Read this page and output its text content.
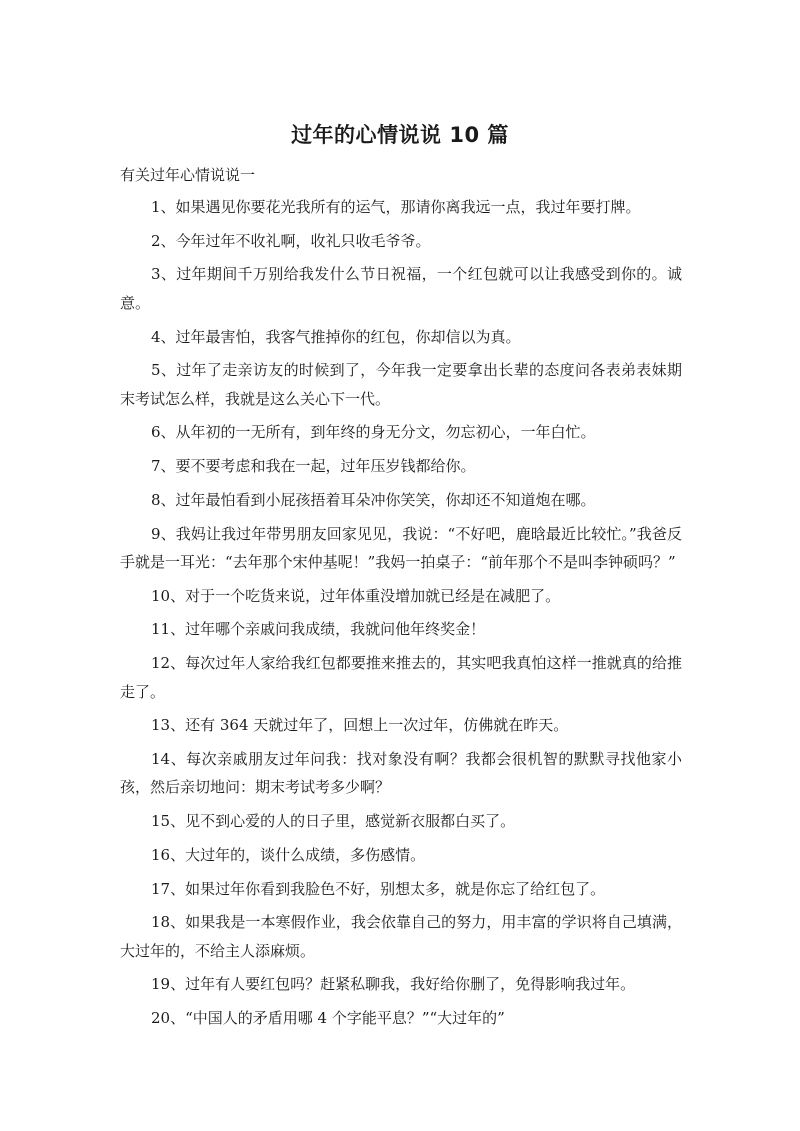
过年的心情说说 10 篇
有关过年心情说说一

1、如果遇见你要花光我所有的运气，那请你离我远一点，我过年要打牌。

2、今年过年不收礼啊，收礼只收毛爷爷。

3、过年期间千万别给我发什么节日祝福，一个红包就可以让我感受到你的。诚意。

4、过年最害怕，我客气推掉你的红包，你却信以为真。

5、过年了走亲访友的时候到了，今年我一定要拿出长辈的态度问各表弟表妹期末考试怎么样，我就是这么关心下一代。

6、从年初的一无所有，到年终的身无分文，勿忘初心，一年白忙。

7、要不要考虑和我在一起，过年压岁钱都给你。

8、过年最怕看到小屁孩捂着耳朵冲你笑笑，你却还不知道炮在哪。

9、我妈让我过年带男朋友回家见见，我说：“不好吧，鹿晗最近比较忙。”我爸反手就是一耳光：“去年那个宋仲基呢！”我妈一拍桌子：“前年那个不是叫李钟硕吗？”

10、对于一个吃货来说，过年体重没增加就已经是在减肥了。

11、过年哪个亲戚问我成绩，我就问他年终奖金！

12、每次过年人家给我红包都要推来推去的，其实吧我真怕这样一推就真的给推走了。

13、还有 364 天就过年了，回想上一次过年，仿佛就在昨天。

14、每次亲戚朋友过年问我：找对象没有啊？我都会很机智的默默寻找他家小孩，然后亲切地问：期末考试考多少啊？

15、见不到心爱的人的日子里，感觉新衣服都白买了。

16、大过年的，谈什么成绩，多伤感情。

17、如果过年你看到我脸色不好，别想太多，就是你忘了给红包了。

18、如果我是一本寒假作业，我会依靠自己的努力，用丰富的学识将自己填满，大过年的，不给主人添麻烦。

19、过年有人要红包吗？赶紧私聊我，我好给你删了，免得影响我过年。

20、“中国人的矛盾用哪 4 个字能平息？”“大过年的”
